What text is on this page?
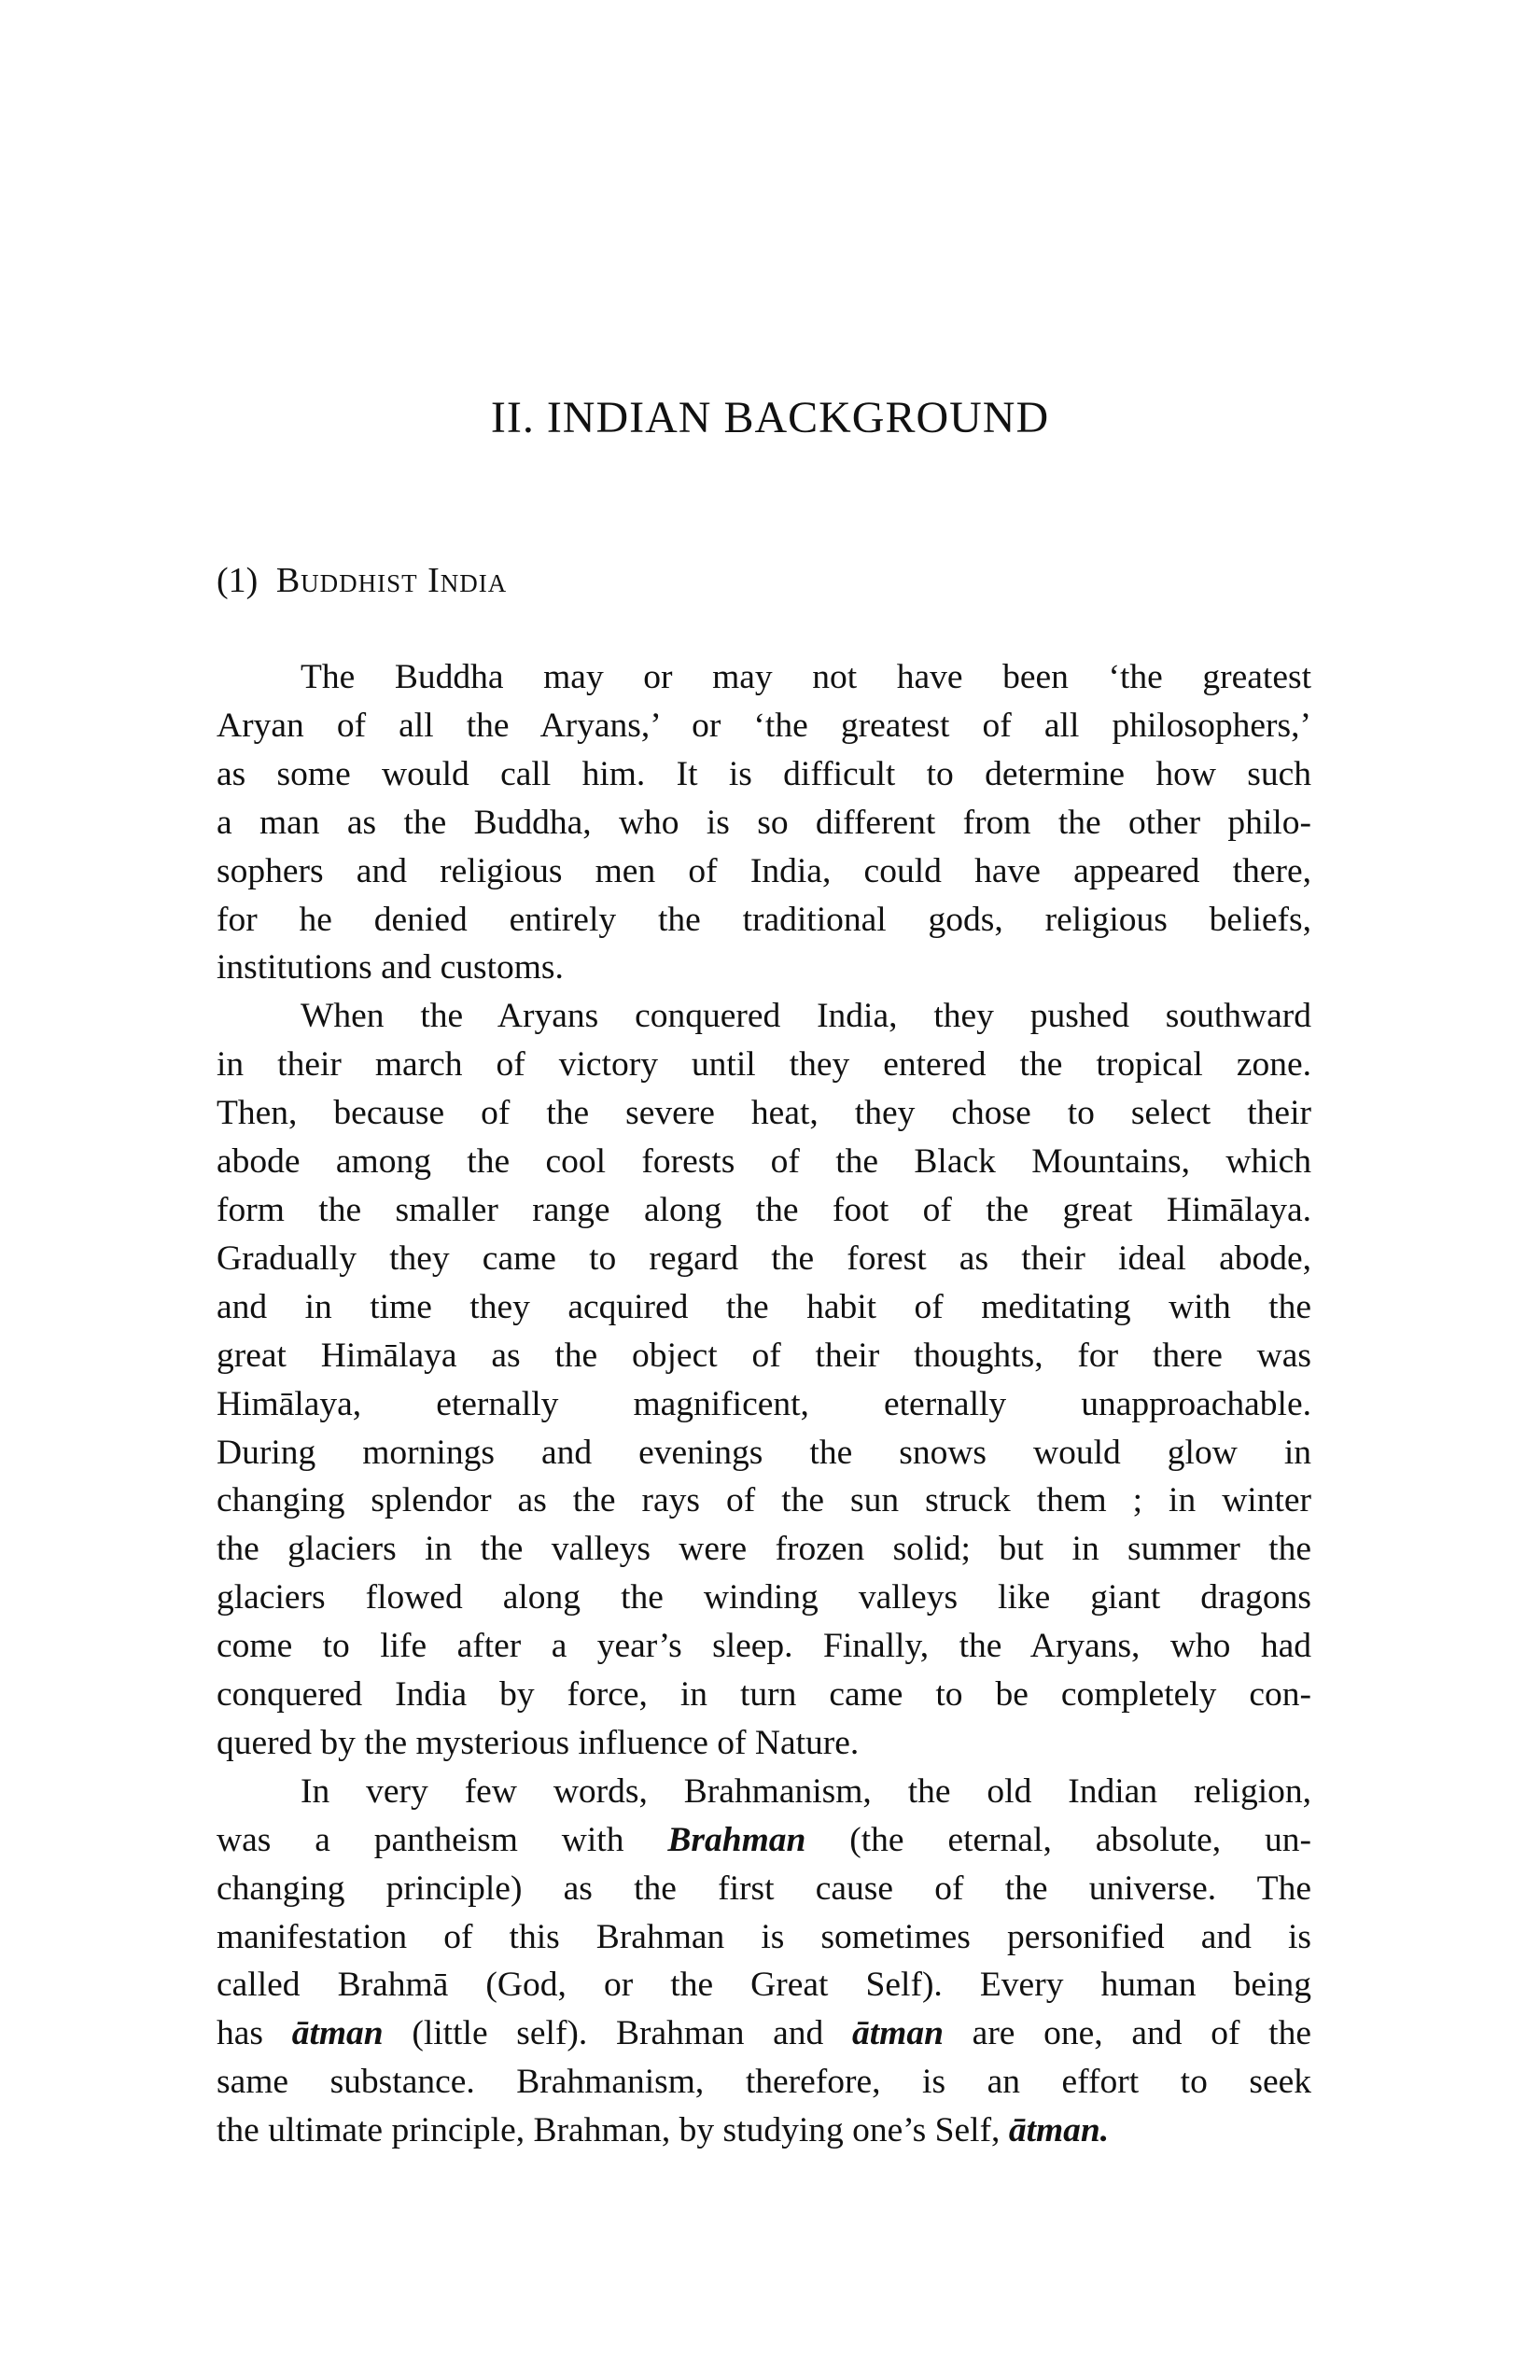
II. INDIAN BACKGROUND
(1) Buddhist India
The Buddha may or may not have been ‘the greatest
Aryan of all the Aryans,’ or ‘the greatest of all philosophers,’
as some would call him. It is difficult to determine how such
a man as the Buddha, who is so different from the other philo-
sophers and religious men of India, could have appeared there,
for he denied entirely the traditional gods, religious beliefs,
institutions and customs.
When the Aryans conquered India, they pushed southward
in their march of victory until they entered the tropical zone.
Then, because of the severe heat, they chose to select their
abode among the cool forests of the Black Mountains, which
form the smaller range along the foot of the great Himālaya.
Gradually they came to regard the forest as their ideal abode,
and in time they acquired the habit of meditating with the
great Himālaya as the object of their thoughts, for there was
Himālaya, eternally magnificent, eternally unapproachable.
During mornings and evenings the snows would glow in
changing splendor as the rays of the sun struck them ; in winter
the glaciers in the valleys were frozen solid; but in summer the
glaciers flowed along the winding valleys like giant dragons
come to life after a year’s sleep. Finally, the Aryans, who had
conquered India by force, in turn came to be completely con-
quered by the mysterious influence of Nature.
In very few words, Brahmanism, the old Indian religion,
was a pantheism with Brahman (the eternal, absolute, un-
changing principle) as the first cause of the universe. The
manifestation of this Brahman is sometimes personified and is
called Brahmā (God, or the Great Self). Every human being
has ātman (little self). Brahman and ātman are one, and of the
same substance. Brahmanism, therefore, is an effort to seek
the ultimate principle, Brahman, by studying one’s Self, ātman.
